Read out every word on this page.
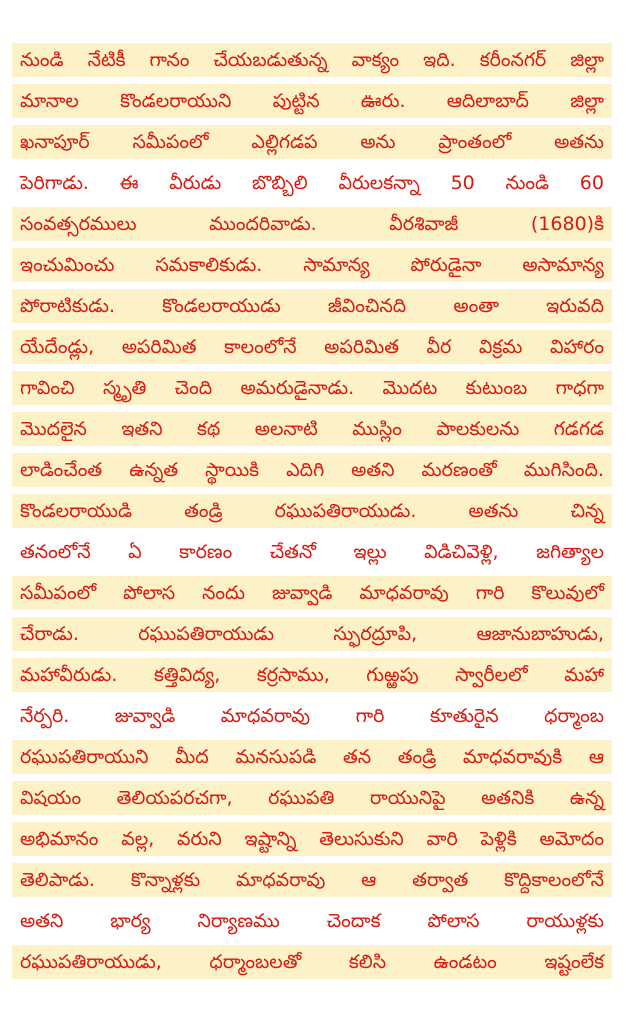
నుండి నేటికీ గానం చేయబడుతున్న వాక్యం ఇది. కరీంనగర్ జిల్లా
మానాల కొండలరాయుని పుట్టిన ఊరు. ఆదిలాబాద్ జిల్లా
ఖనాపూర్ సమీపంలో ఎల్లిగడప అను ప్రాంతంలో అతను
పెరిగాడు. ఈ వీరుడు బొబ్బిలి వీరులకన్నా 50 నుండి 60
సంవత్సరములు ముందరివాడు. వీరశివాజీ (1680)కి
ఇంచుమించు సమకాలికుడు. సామాన్య పోరుడైనా అసామాన్య
పోరాటికుడు. కొండలరాయుడు జీవించినది అంతా ఇరువది
యేదేండ్లు, అపరిమిత కాలంలోనే అపరిమిత వీర విక్రమ విహారం
గావించి స్మృతి చెంది అమరుడైనాడు. మొదట కుటుంబ గాధగా
మొదలైన ఇతని కథ అలనాటి ముస్లిం పాలకులను గడగడ
లాడించేంత ఉన్నత స్థాయికి ఎదిగి అతని మరణంతో ముగిసింది.
కొండలరాయుడి తండ్రి రఘుపతిరాయుడు. అతను చిన్న
తనంలోనే ఏ కారణం చేతనో ఇల్లు విడిచివెళ్లి, జగిత్యాల
సమీపంలో పోలాస నందు జువ్వాడి మాధవరావు గారి కొలువులో
చేరాడు. రఘుపతిరాయుడు స్ఫురద్రూపి, ఆజానుబాహుడు,
మహావీరుడు. కత్తివిద్య, కర్రసాము, గుఱ్ఱపు స్వారీలలో మహా
నేర్పరి. జువ్వాడి మాధవరావు గారి కూతురైన ధర్మాంబ
రఘుపతిరాయుని మీద మనసుపడి తన తండ్రి మాధవరావుకి ఆ
విషయం తెలియపరచగా, రఘుపతి రాయునిపై అతనికి ఉన్న
అభిమానం వల్ల, వరుని ఇష్టాన్ని తెలుసుకుని వారి పెళ్లికి అమోదం
తెలిపాడు. కొన్నాళ్లకు మాధవరావు ఆ తర్వాత కొద్దికాలంలోనే
అతని భార్య నిర్యాణము చెందాక పోలాస రాయుళ్లకు
రఘుపతిరాయుడు, ధర్మాంబలతో కలిసి ఉండటం ఇష్టంలేక
